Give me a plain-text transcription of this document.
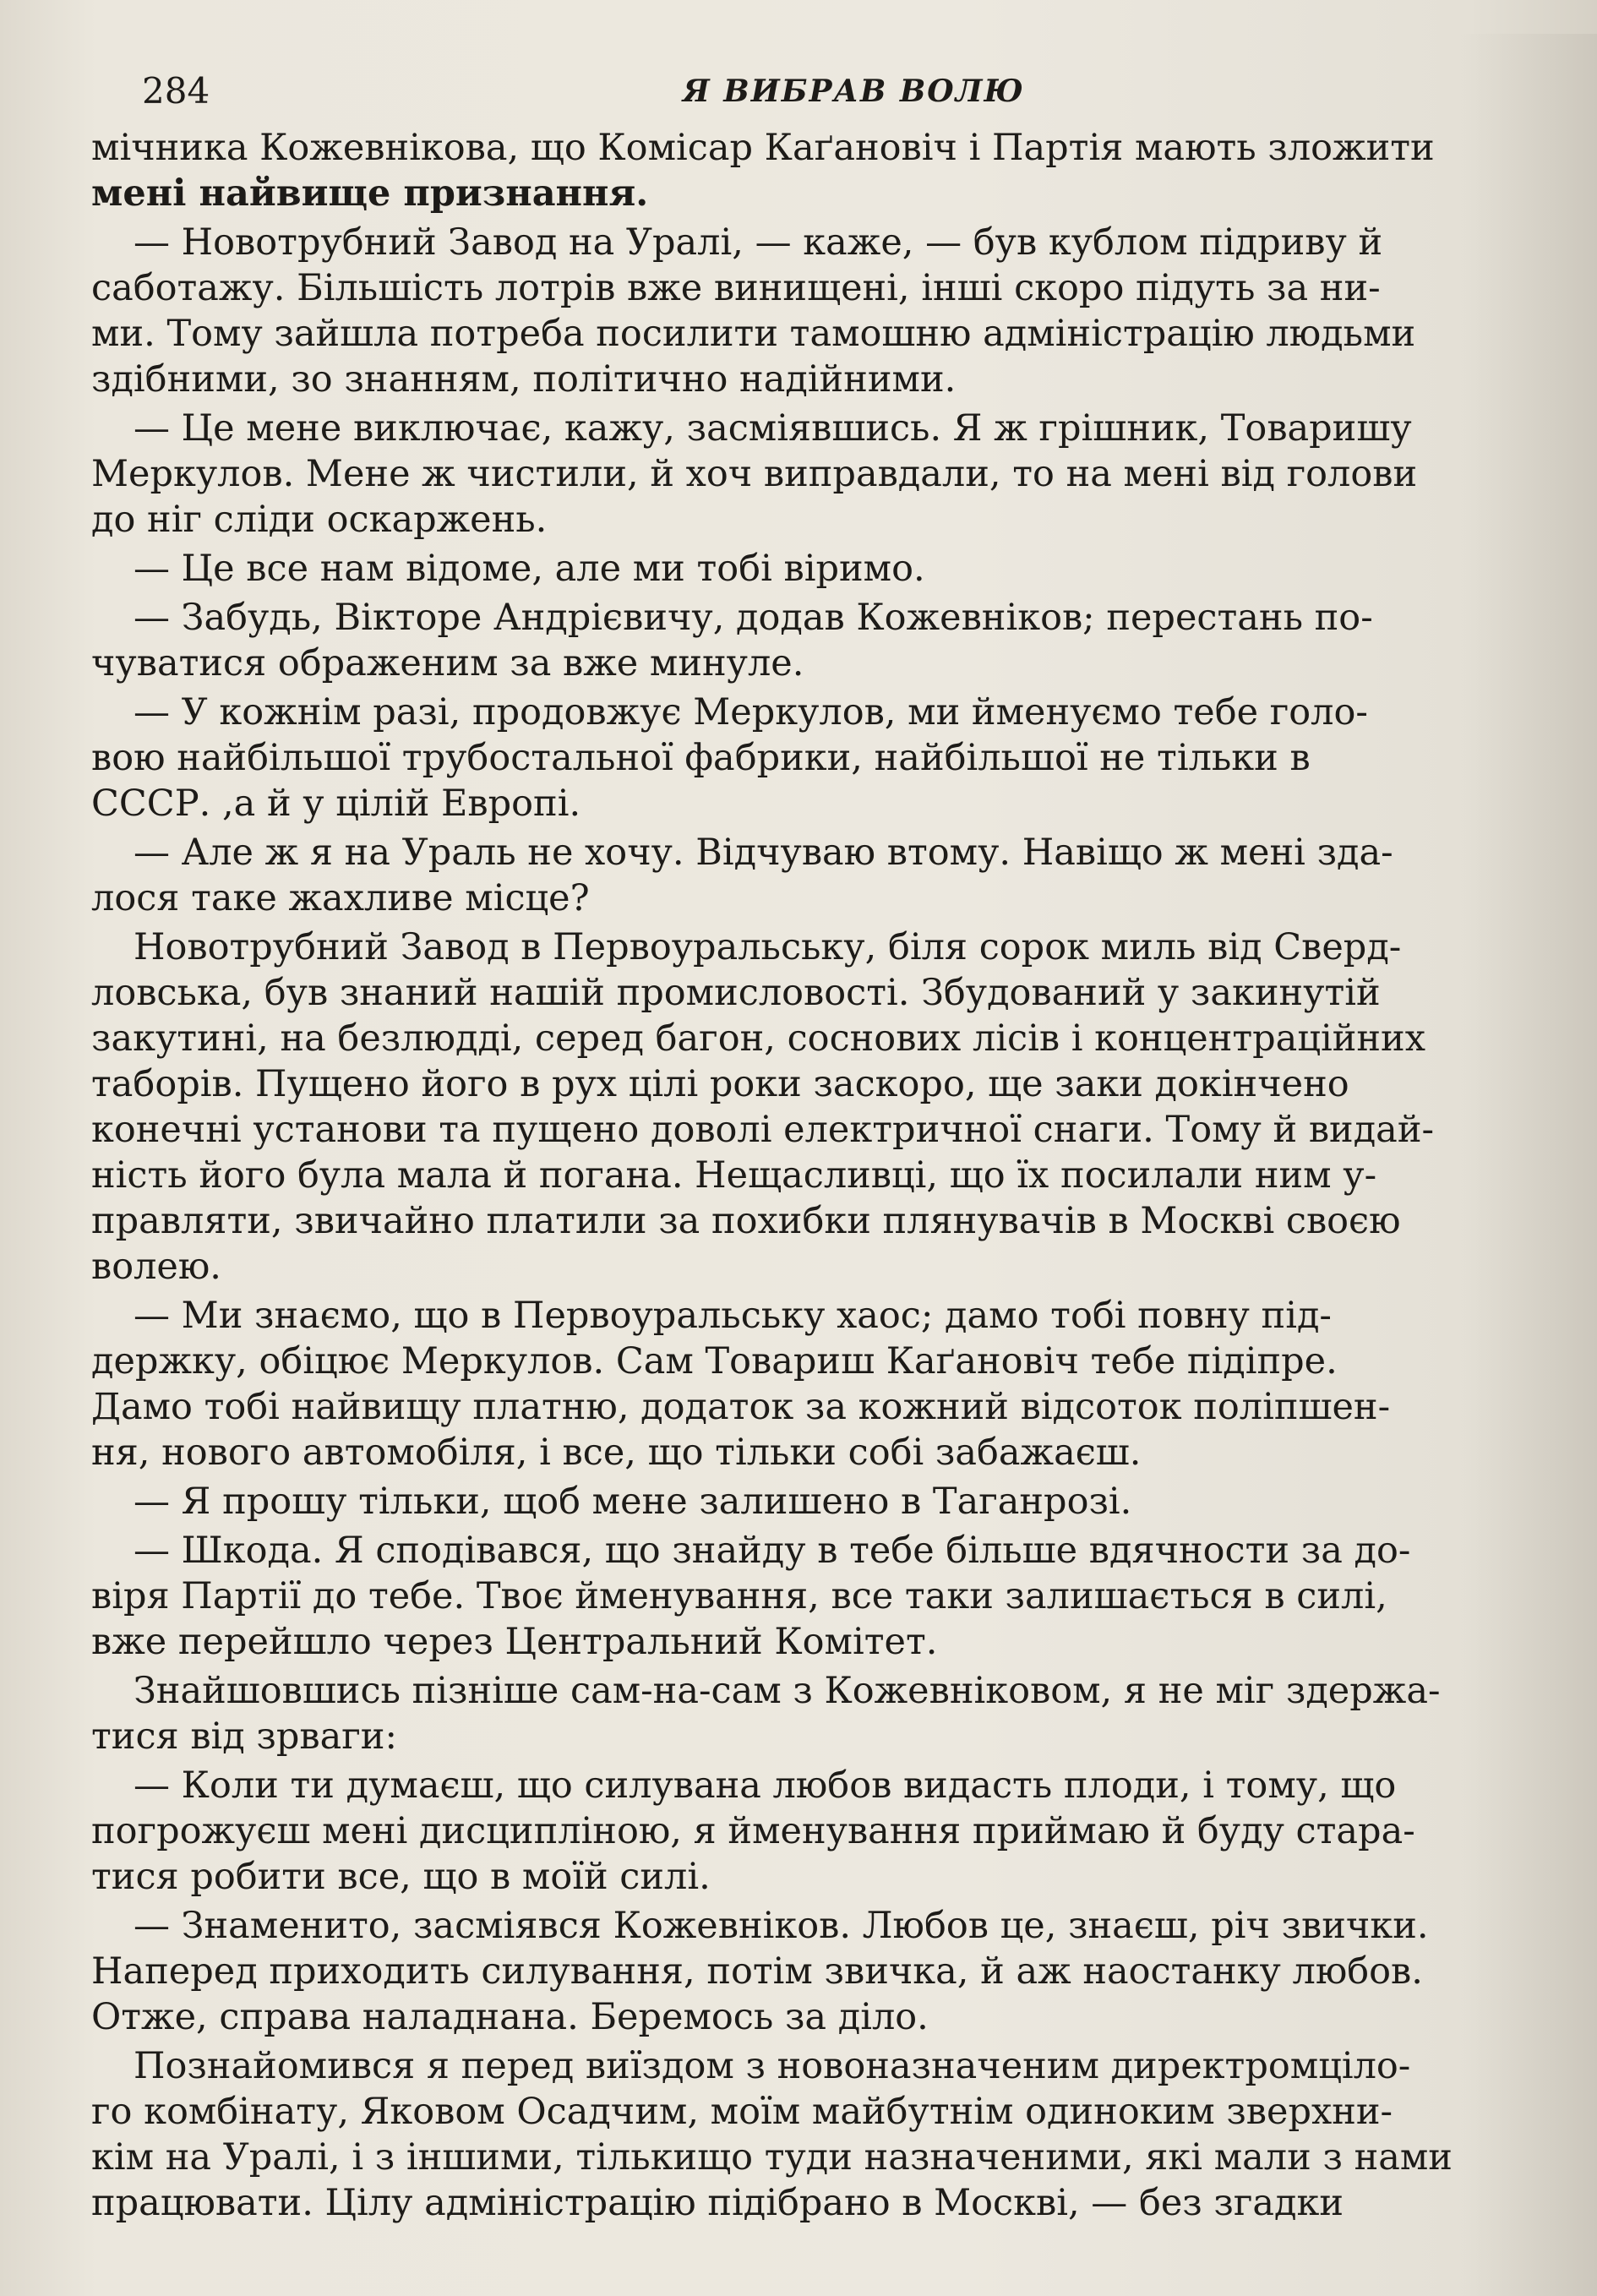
284	Я ВИБРАВ ВОЛЮ
мічника Кожевнікова, що Комісар Каґановіч і Партія мають зложити
мені найвище признання.
— Новотрубний Завод на Уралі, — каже, — був кублом підриву й
саботажу. Більшість лотрів вже винищені, інші скоро підуть за ни-
ми. Тому зайшла потреба посилити тамошню адміністрацію людьми
здібними, зо знанням, політично надійними.
— Це мене виключає, кажу, засміявшись. Я ж грішник, Товаришу
Меркулов. Мене ж чистили, й хоч виправдали, то на мені від голови
до ніг сліди оскаржень.
— Це все нам відоме, але ми тобі віримо.
— Забудь, Вікторе Андрієвичу, додав Кожевніков; перестань по-
чуватися ображеним за вже минуле.
— У кожнім разі, продовжує Меркулов, ми йменуємо тебе голо-
вою найбільшої трубостальної фабрики, найбільшої не тільки в
СССР. ,а й у цілій Европі.
— Але ж я на Ураль не хочу. Відчуваю втому. Навіщо ж мені зда-
лося таке жахливе місце?
Новотрубний Завод в Первоуральську, біля сорок миль від Сверд-
ловська, був знаний нашій промисловості. Збудований у закинутій
закутині, на безлюдді, серед багон, соснових лісів і концентраційних
таборів. Пущено його в рух цілі роки заскоро, ще заки докінчено
конечні установи та пущено доволі електричної снаги. Тому й видай-
ність його була мала й погана. Нещасливці, що їх посилали ним у-
правляти, звичайно платили за похибки плянувачів в Москві своєю
волею.
— Ми знаємо, що в Первоуральську хаос; дамо тобі повну під-
держку, обіцює Меркулов. Сам Товариш Каґановіч тебе підіпре.
Дамо тобі найвищу платню, додаток за кожний відсоток поліпшен-
ня, нового автомобіля, і все, що тільки собі забажаєш.
— Я прошу тільки, щоб мене залишено в Таганрозі.
— Шкода. Я сподівався, що знайду в тебе більше вдячности за до-
віря Партії до тебе. Твоє йменування, все таки залишається в силі,
вже перейшло через Центральний Комітет.
Знайшовшись пізніше сам-на-сам з Кожевніковом, я не міг здержа-
тися від зрваги:
— Коли ти думаєш, що силувана любов видасть плоди, і тому, що
погрожуєш мені дисципліною, я йменування приймаю й буду стара-
тися робити все, що в моїй силі.
— Знаменито, засміявся Кожевніков. Любов це, знаєш, річ звички.
Наперед приходить силування, потім звичка, й аж наостанку любов.
Отже, справа наладнана. Беремось за діло.
Познайомився я перед виїздом з новоназначеним директромціло-
го комбінату, Яковом Осадчим, моїм майбутнім одиноким зверхни-
кім на Уралі, і з іншими, тількищо туди назначеними, які мали з нами
працювати. Цілу адміністрацію підібрано в Москві, — без згадки
